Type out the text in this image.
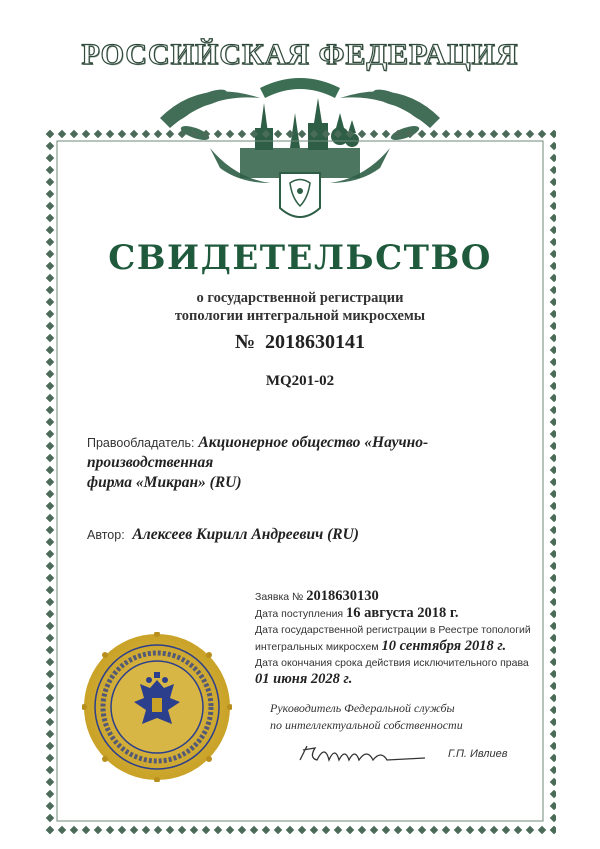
РОССИЙСКАЯ ФЕДЕРАЦИЯ
СВИДЕТЕЛЬСТВО
о государственной регистрации
топологии интегральной микросхемы
№ 2018630141
MQ201-02
Правообладатель: Акционерное общество «Научно-производственная
фирма «Микран» (RU)
Автор: Алексеев Кирилл Андреевич (RU)
Заявка № 2018630130
Дата поступления 16 августа 2018 г.
Дата государственной регистрации в Реестре топологий
интегральных микросхем 10 сентября 2018 г.
Дата окончания срока действия исключительного права
01 июня 2028 г.
Руководитель Федеральной службы
по интеллектуальной собственности
Г.П. Ивлиев
